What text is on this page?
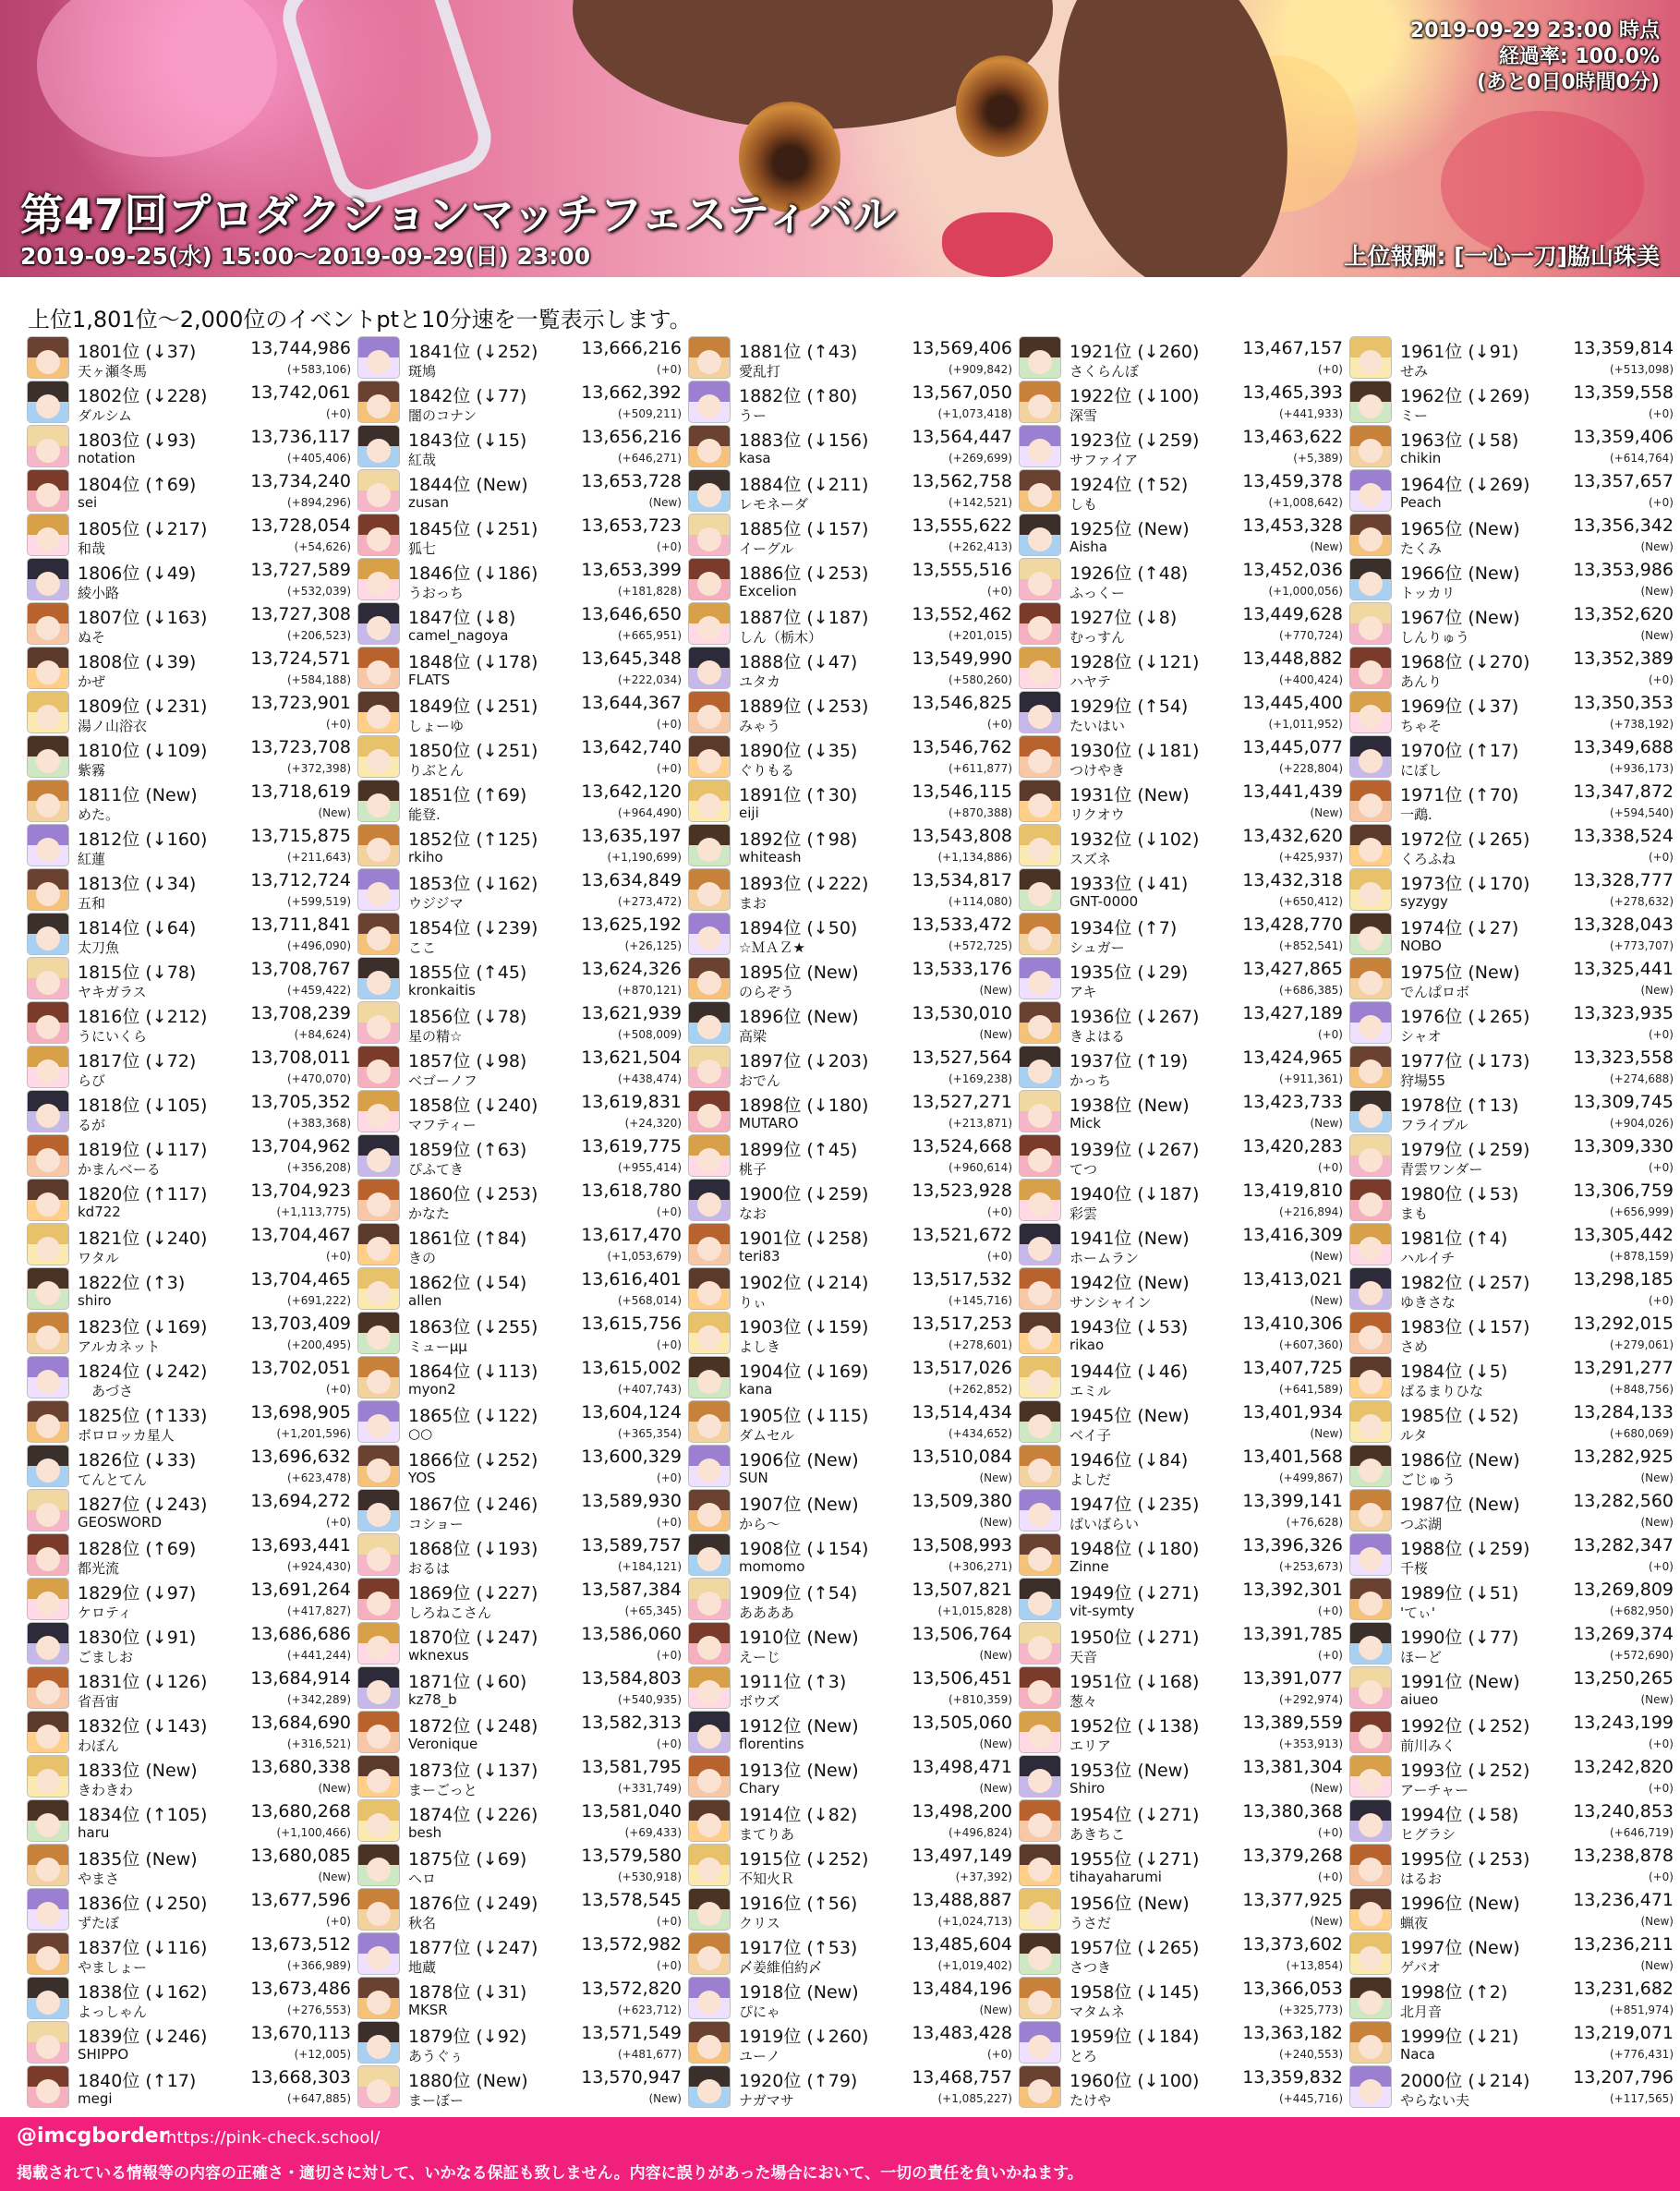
2019-09-29 23:00 時点
経過率: 100.0%
(あと0日0時間0分)
第47回プロダクションマッチフェスティバル
2019-09-25(水) 15:00～2019-09-29(日) 23:00	上位報酬: [一心一刀]脇山珠美
上位1,801位～2,000位のイベントptと10分速を一覧表示します。
1801位 (↓37)	13,744,986
天ヶ瀬冬馬	(+583,106)
1802位 (↓228) 13,742,061
ダルシム	(+0)
1803位 (↓93)	13,736,117
notation	(+405,406)
1804位 (↑69)	13,734,240
sei	(+894,296)
1805位 (↓217) 13,728,054
和哉	(+54,626)
1806位 (↓49)	13,727,589
綾小路	(+532,039)
1807位 (↓163) 13,727,308
ぬそ	(+206,523)
1808位 (↓39)	13,724,571
かぜ	(+584,188)
1809位 (↓231) 13,723,901
湯ノ山浴衣	(+0)
1810位 (↓109) 13,723,708
紫霧	(+372,398)
1811位 (New)	13,718,619
めた。	(New)
1812位 (↓160) 13,715,875
紅蓮	(+211,643)
1813位 (↓34)	13,712,724
五和	(+599,519)
1814位 (↓64)	13,711,841
太刀魚	(+496,090)
1815位 (↓78)	13,708,767
ヤキガラス	(+459,422)
1816位 (↓212) 13,708,239
うにいくら	(+84,624)
1817位 (↓72)	13,708,011
らび	(+470,070)
1818位 (↓105) 13,705,352
るが	(+383,368)
1819位 (↓117) 13,704,962
かまんベーる	(+356,208)
1820位 (↑117) 13,704,923
kd722	(+1,113,775)
1821位 (↓240) 13,704,467
ワタル	(+0)
1822位 (↑3)	13,704,465
shiro	(+691,222)
1823位 (↓169) 13,703,409
アルカネット	(+200,495)
1824位 (↓242) 13,702,051
　あづさ	(+0)
1825位 (↑133) 13,698,905
ボロロッカ星人	(+1,201,596)
1826位 (↓33)	13,696,632
てんとてん	(+623,478)
1827位 (↓243) 13,694,272
GEOSWORD	(+0)
1828位 (↑69)	13,693,441
都光流	(+924,430)
1829位 (↓97)	13,691,264
ケロティ	(+417,827)
1830位 (↓91)	13,686,686
ごましお	(+441,244)
1831位 (↓126) 13,684,914
省吾宙	(+342,289)
1832位 (↓143) 13,684,690
わぼん	(+316,521)
1833位 (New)	13,680,338
きわきわ	(New)
1834位 (↑105) 13,680,268
haru	(+1,100,466)
1835位 (New)	13,680,085
やまさ	(New)
1836位 (↓250) 13,677,596
ずたぼ	(+0)
1837位 (↓116) 13,673,512
やましょー	(+366,989)
1838位 (↓162) 13,673,486
よっしゃん	(+276,553)
1839位 (↓246) 13,670,113
SHIPPO	(+12,005)
1840位 (↑17)	13,668,303
megi	(+647,885)
1841位 (↓252) 13,666,216
斑鳩	(+0)
1842位 (↓77)	13,662,392
闇のコナン	(+509,211)
1843位 (↓15)	13,656,216
紅哉	(+646,271)
1844位 (New)	13,653,728
zusan	(New)
1845位 (↓251) 13,653,723
狐七	(+0)
1846位 (↓186) 13,653,399
うおっち	(+181,828)
1847位 (↓8)	13,646,650
camel_nagoya	(+665,951)
1848位 (↓178) 13,645,348
FLATS	(+222,034)
1849位 (↓251) 13,644,367
しょーゆ	(+0)
1850位 (↓251) 13,642,740
りぶとん	(+0)
1851位 (↑69)	13,642,120
能登.	(+964,490)
1852位 (↑125) 13,635,197
rkiho	(+1,190,699)
1853位 (↓162) 13,634,849
ウジジマ	(+273,472)
1854位 (↓239) 13,625,192
ここ	(+26,125)
1855位 (↑45)	13,624,326
kronkaitis	(+870,121)
1856位 (↓78)	13,621,939
星の精☆	(+508,009)
1857位 (↓98)	13,621,504
ベゴーノフ	(+438,474)
1858位 (↓240) 13,619,831
マフティー	(+24,320)
1859位 (↑63)	13,619,775
ぴふてき	(+955,414)
1860位 (↓253) 13,618,780
かなた	(+0)
1861位 (↑84)	13,617,470
きの	(+1,053,679)
1862位 (↓54)	13,616,401
allen	(+568,014)
1863位 (↓255) 13,615,756
ミューμμ	(+0)
1864位 (↓113) 13,615,002
myon2	(+407,743)
1865位 (↓122) 13,604,124
○○	(+365,354)
1866位 (↓252) 13,600,329
YOS	(+0)
1867位 (↓246) 13,589,930
コショー	(+0)
1868位 (↓193) 13,589,757
おるは	(+184,121)
1869位 (↓227) 13,587,384
しろねこさん	(+65,345)
1870位 (↓247) 13,586,060
wknexus	(+0)
1871位 (↓60)	13,584,803
kz78_b	(+540,935)
1872位 (↓248) 13,582,313
Veronique	(+0)
1873位 (↓137) 13,581,795
まーごっと	(+331,749)
1874位 (↓226) 13,581,040
besh	(+69,433)
1875位 (↓69)	13,579,580
ヘロ	(+530,918)
1876位 (↓249) 13,578,545
秋名	(+0)
1877位 (↓247) 13,572,982
地蔵	(+0)
1878位 (↓31)	13,572,820
MKSR	(+623,712)
1879位 (↓92)	13,571,549
あうぐぅ	(+481,677)
1880位 (New)	13,570,947
まーぼー	(New)
1881位 (↑43)	13,569,406
愛乱打	(+909,842)
1882位 (↑80)	13,567,050
うー	(+1,073,418)
1883位 (↓156) 13,564,447
kasa	(+269,699)
1884位 (↓211) 13,562,758
レモネーダ	(+142,521)
1885位 (↓157) 13,555,622
イーグル	(+262,413)
1886位 (↓253) 13,555,516
Excelion	(+0)
1887位 (↓187) 13,552,462
しん（栃木）	(+201,015)
1888位 (↓47)	13,549,990
ユタカ	(+580,260)
1889位 (↓253) 13,546,825
みゃう	(+0)
1890位 (↓35)	13,546,762
ぐりもる	(+611,877)
1891位 (↑30)	13,546,115
eiji	(+870,388)
1892位 (↑98)	13,543,808
whiteash	(+1,134,886)
1893位 (↓222) 13,534,817
まお	(+114,080)
1894位 (↓50)	13,533,472
☆ＭＡＺ★	(+572,725)
1895位 (New)	13,533,176
のらぞう	(New)
1896位 (New)	13,530,010
高梁	(New)
1897位 (↓203) 13,527,564
おでん	(+169,238)
1898位 (↓180) 13,527,271
MUTARO	(+213,871)
1899位 (↑45)	13,524,668
桃子	(+960,614)
1900位 (↓259) 13,523,928
なお	(+0)
1901位 (↓258) 13,521,672
teri83	(+0)
1902位 (↓214) 13,517,532
りぃ	(+145,716)
1903位 (↓159) 13,517,253
よしき	(+278,601)
1904位 (↓169) 13,517,026
kana	(+262,852)
1905位 (↓115) 13,514,434
ダムセル	(+434,652)
1906位 (New)	13,510,084
SUN	(New)
1907位 (New)	13,509,380
から～	(New)
1908位 (↓154) 13,508,993
momomo	(+306,271)
1909位 (↑54)	13,507,821
ああああ	(+1,015,828)
1910位 (New)	13,506,764
えーじ	(New)
1911位 (↑3)	13,506,451
ボウズ	(+810,359)
1912位 (New)	13,505,060
florentins	(New)
1913位 (New)	13,498,471
Chary	(New)
1914位 (↓82)	13,498,200
まてりあ	(+496,824)
1915位 (↓252) 13,497,149
不知火Ｒ	(+37,392)
1916位 (↑56)	13,488,887
クリス	(+1,024,713)
1917位 (↑53)	13,485,604
〆姜維伯約〆	(+1,019,402)
1918位 (New)	13,484,196
ぴにゃ	(New)
1919位 (↓260) 13,483,428
ユーノ	(+0)
1920位 (↑79)	13,468,757
ナガマサ	(+1,085,227)
1921位 (↓260) 13,467,157
さくらんぼ	(+0)
1922位 (↓100) 13,465,393
深雪	(+441,933)
1923位 (↓259) 13,463,622
サファイア	(+5,389)
1924位 (↑52)	13,459,378
しも	(+1,008,642)
1925位 (New)	13,453,328
Aisha	(New)
1926位 (↑48)	13,452,036
ふっくー	(+1,000,056)
1927位 (↓8)	13,449,628
むっすん	(+770,724)
1928位 (↓121) 13,448,882
ハヤテ	(+400,424)
1929位 (↑54)	13,445,400
たいはい	(+1,011,952)
1930位 (↓181) 13,445,077
つけやき	(+228,804)
1931位 (New)	13,441,439
リクオウ	(New)
1932位 (↓102) 13,432,620
スズネ	(+425,937)
1933位 (↓41)	13,432,318
GNT-0000	(+650,412)
1934位 (↑7)	13,428,770
シュガー	(+852,541)
1935位 (↓29)	13,427,865
アキ	(+686,385)
1936位 (↓267) 13,427,189
きよはる	(+0)
1937位 (↑19)	13,424,965
かっち	(+911,361)
1938位 (New)	13,423,733
Mick	(New)
1939位 (↓267) 13,420,283
てつ	(+0)
1940位 (↓187) 13,419,810
彩雲	(+216,894)
1941位 (New)	13,416,309
ホームラン	(New)
1942位 (New)	13,413,021
サンシャイン	(New)
1943位 (↓53)	13,410,306
rikao	(+607,360)
1944位 (↓46)	13,407,725
エミル	(+641,589)
1945位 (New)	13,401,934
ベイ子	(New)
1946位 (↓84)	13,401,568
よしだ	(+499,867)
1947位 (↓235) 13,399,141
ばいばらい	(+76,628)
1948位 (↓180) 13,396,326
Zinne	(+253,673)
1949位 (↓271) 13,392,301
vit-symty	(+0)
1950位 (↓271) 13,391,785
天音	(+0)
1951位 (↓168) 13,391,077
葱々	(+292,974)
1952位 (↓138) 13,389,559
エリア	(+353,913)
1953位 (New)	13,381,304
Shiro	(New)
1954位 (↓271) 13,380,368
あきちこ	(+0)
1955位 (↓271) 13,379,268
tihayaharumi	(+0)
1956位 (New)	13,377,925
うさだ	(New)
1957位 (↓265) 13,373,602
さつき	(+13,854)
1958位 (↓145) 13,366,053
マタムネ	(+325,773)
1959位 (↓184) 13,363,182
とろ	(+240,553)
1960位 (↓100) 13,359,832
たけや	(+445,716)
1961位 (↓91)	13,359,814
せみ	(+513,098)
1962位 (↓269) 13,359,558
ミー	(+0)
1963位 (↓58)	13,359,406
chikin	(+614,764)
1964位 (↓269) 13,357,657
Peach	(+0)
1965位 (New)	13,356,342
たくみ	(New)
1966位 (New)	13,353,986
トッカリ	(New)
1967位 (New)	13,352,620
しんりゅう	(New)
1968位 (↓270) 13,352,389
あんり	(+0)
1969位 (↓37)	13,350,353
ちゃそ	(+738,192)
1970位 (↑17)	13,349,688
にぼし	(+936,173)
1971位 (↑70)	13,347,872
一鵡.	(+594,540)
1972位 (↓265) 13,338,524
くろふね	(+0)
1973位 (↓170) 13,328,777
syzygy	(+278,632)
1974位 (↓27)	13,328,043
NOBO	(+773,707)
1975位 (New)	13,325,441
でんぱロボ	(New)
1976位 (↓265) 13,323,935
シャオ	(+0)
1977位 (↓173) 13,323,558
狩場55	(+274,688)
1978位 (↑13)	13,309,745
フライブル	(+904,026)
1979位 (↓259) 13,309,330
青雲ワンダー	(+0)
1980位 (↓53)	13,306,759
まも	(+656,999)
1981位 (↑4)	13,305,442
ハルイチ	(+878,159)
1982位 (↓257) 13,298,185
ゆきさな	(+0)
1983位 (↓157) 13,292,015
さめ	(+279,061)
1984位 (↓5)	13,291,277
ばるまりひな	(+848,756)
1985位 (↓52)	13,284,133
ルタ	(+680,069)
1986位 (New)	13,282,925
ごじゅう	(New)
1987位 (New)	13,282,560
つぶ湖	(New)
1988位 (↓259) 13,282,347
千桜	(+0)
1989位 (↓51)	13,269,809
'てぃ'	(+682,950)
1990位 (↓77)	13,269,374
ほーど	(+572,690)
1991位 (New)	13,250,265
aiueo	(New)
1992位 (↓252) 13,243,199
前川みく	(+0)
1993位 (↓252) 13,242,820
アーチャー	(+0)
1994位 (↓58)	13,240,853
ヒグラシ	(+646,719)
1995位 (↓253) 13,238,878
はるお	(+0)
1996位 (New)	13,236,471
蝋夜	(New)
1997位 (New)	13,236,211
ゲバオ	(New)
1998位 (↑2)	13,231,682
北月音	(+851,974)
1999位 (↓21)	13,219,071
Naca	(+776,431)
2000位 (↓214) 13,207,796
やらない夫	(+117,565)
@imcgborder
https://pink-check.school/
掲載されている情報等の内容の正確さ・適切さに対して、いかなる保証も致しません。内容に誤りがあった場合において、一切の責任を負いかねます。
